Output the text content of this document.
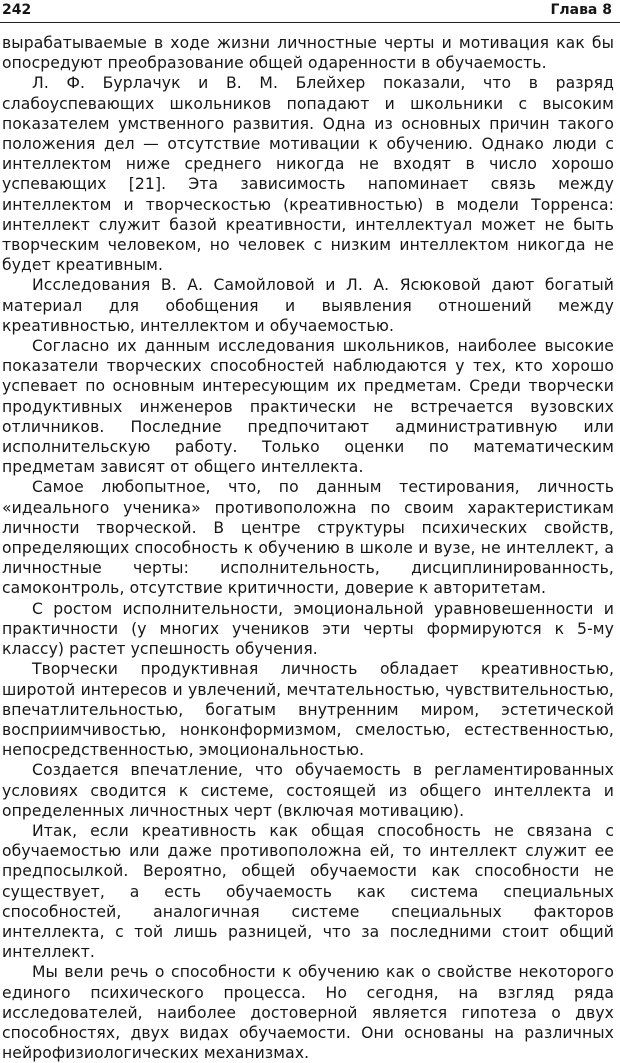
242	Глава 8

вырабатываемые в ходе жизни личностные черты и мотивация как бы опосредуют преобразование общей одаренности в обучаемость.

Л. Ф. Бурлачук и В. М. Блейхер показали, что в разряд слабоуспевающих школьников попадают и школьники с высоким показателем умственного развития. Одна из основных причин такого положения дел — отсутствие мотивации к обучению. Однако люди с интеллектом ниже среднего никогда не входят в число хорошо успевающих [21]. Эта зависимость напоминает связь между интеллектом и творческостью (креативностью) в модели Торренса: интеллект служит базой креативности, интеллектуал может не быть творческим человеком, но человек с низким интеллектом никогда не будет креативным.

Исследования В. А. Самойловой и Л. А. Ясюковой дают богатый материал для обобщения и выявления отношений между креативностью, интеллектом и обучаемостью.

Согласно их данным исследования школьников, наиболее высокие показатели творческих способностей наблюдаются у тех, кто хорошо успевает по основным интересующим их предметам. Среди творчески продуктивных инженеров практически не встречается вузовских отличников. Последние предпочитают административную или исполнительскую работу. Только оценки по математическим предметам зависят от общего интеллекта.

Самое любопытное, что, по данным тестирования, личность «идеального ученика» противоположна по своим характеристикам личности творческой. В центре структуры психических свойств, определяющих способность к обучению в школе и вузе, не интеллект, а личностные черты: исполнительность, дисциплинированность, самоконтроль, отсутствие критичности, доверие к авторитетам.

С ростом исполнительности, эмоциональной уравновешенности и практичности (у многих учеников эти черты формируются к 5-му классу) растет успешность обучения.

Творчески продуктивная личность обладает креативностью, широтой интересов и увлечений, мечтательностью, чувствительностью, впечатлительностью, богатым внутренним миром, эстетической восприимчивостью, нонконформизмом, смелостью, естественностью, непосредственностью, эмоциональностью.

Создается впечатление, что обучаемость в регламентированных условиях сводится к системе, состоящей из общего интеллекта и определенных личностных черт (включая мотивацию).

Итак, если креативность как общая способность не связана с обучаемостью или даже противоположна ей, то интеллект служит ее предпосылкой. Вероятно, общей обучаемости как способности не существует, а есть обучаемость как система специальных способностей, аналогичная системе специальных факторов интеллекта, с той лишь разницей, что за последними стоит общий интеллект.

Мы вели речь о способности к обучению как о свойстве некоторого единого психического процесса. Но сегодня, на взгляд ряда исследователей, наиболее достоверной является гипотеза о двух способностях, двух видах обучаемости. Они основаны на различных нейрофизиологических механизмах.
